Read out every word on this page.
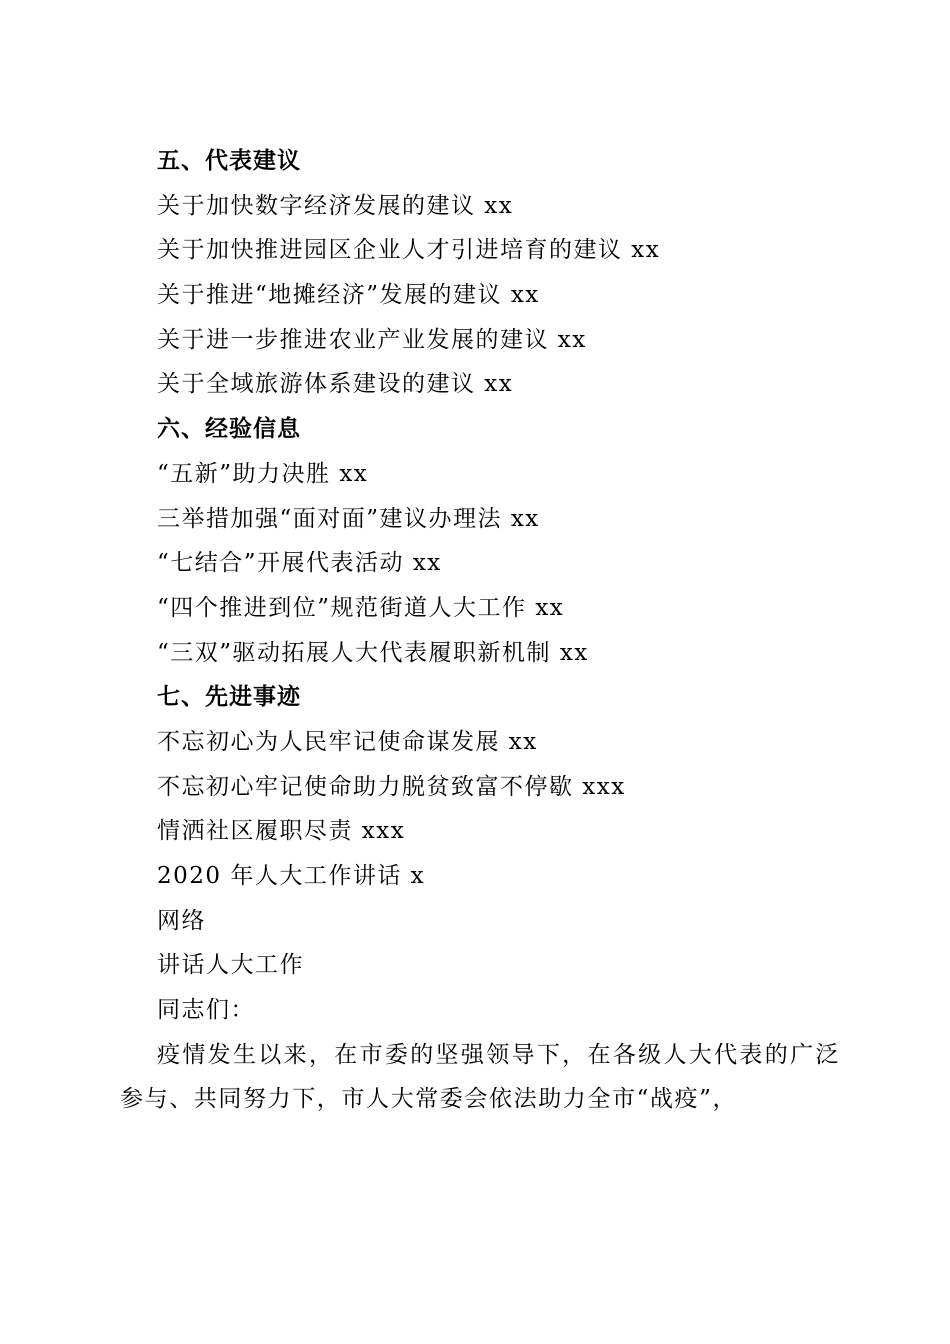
五、代表建议
关于加快数字经济发展的建议 xx
关于加快推进园区企业人才引进培育的建议 xx
关于推进“地摊经济”发展的建议 xx
关于进一步推进农业产业发展的建议 xx
关于全域旅游体系建设的建议 xx
六、经验信息
“五新”助力决胜 xx
三举措加强“面对面”建议办理法 xx
“七结合”开展代表活动 xx
“四个推进到位”规范街道人大工作 xx
“三双”驱动拓展人大代表履职新机制 xx
七、先进事迹
不忘初心为人民牢记使命谋发展 xx
不忘初心牢记使命助力脱贫致富不停歇 xxx
情洒社区履职尽责 xxx
2020 年人大工作讲话 x
网络
讲话人大工作
同志们：

疫情发生以来，在市委的坚强领导下，在各级人大代表的广泛参与、共同努力下，市人大常委会依法助力全市“战疫”，
